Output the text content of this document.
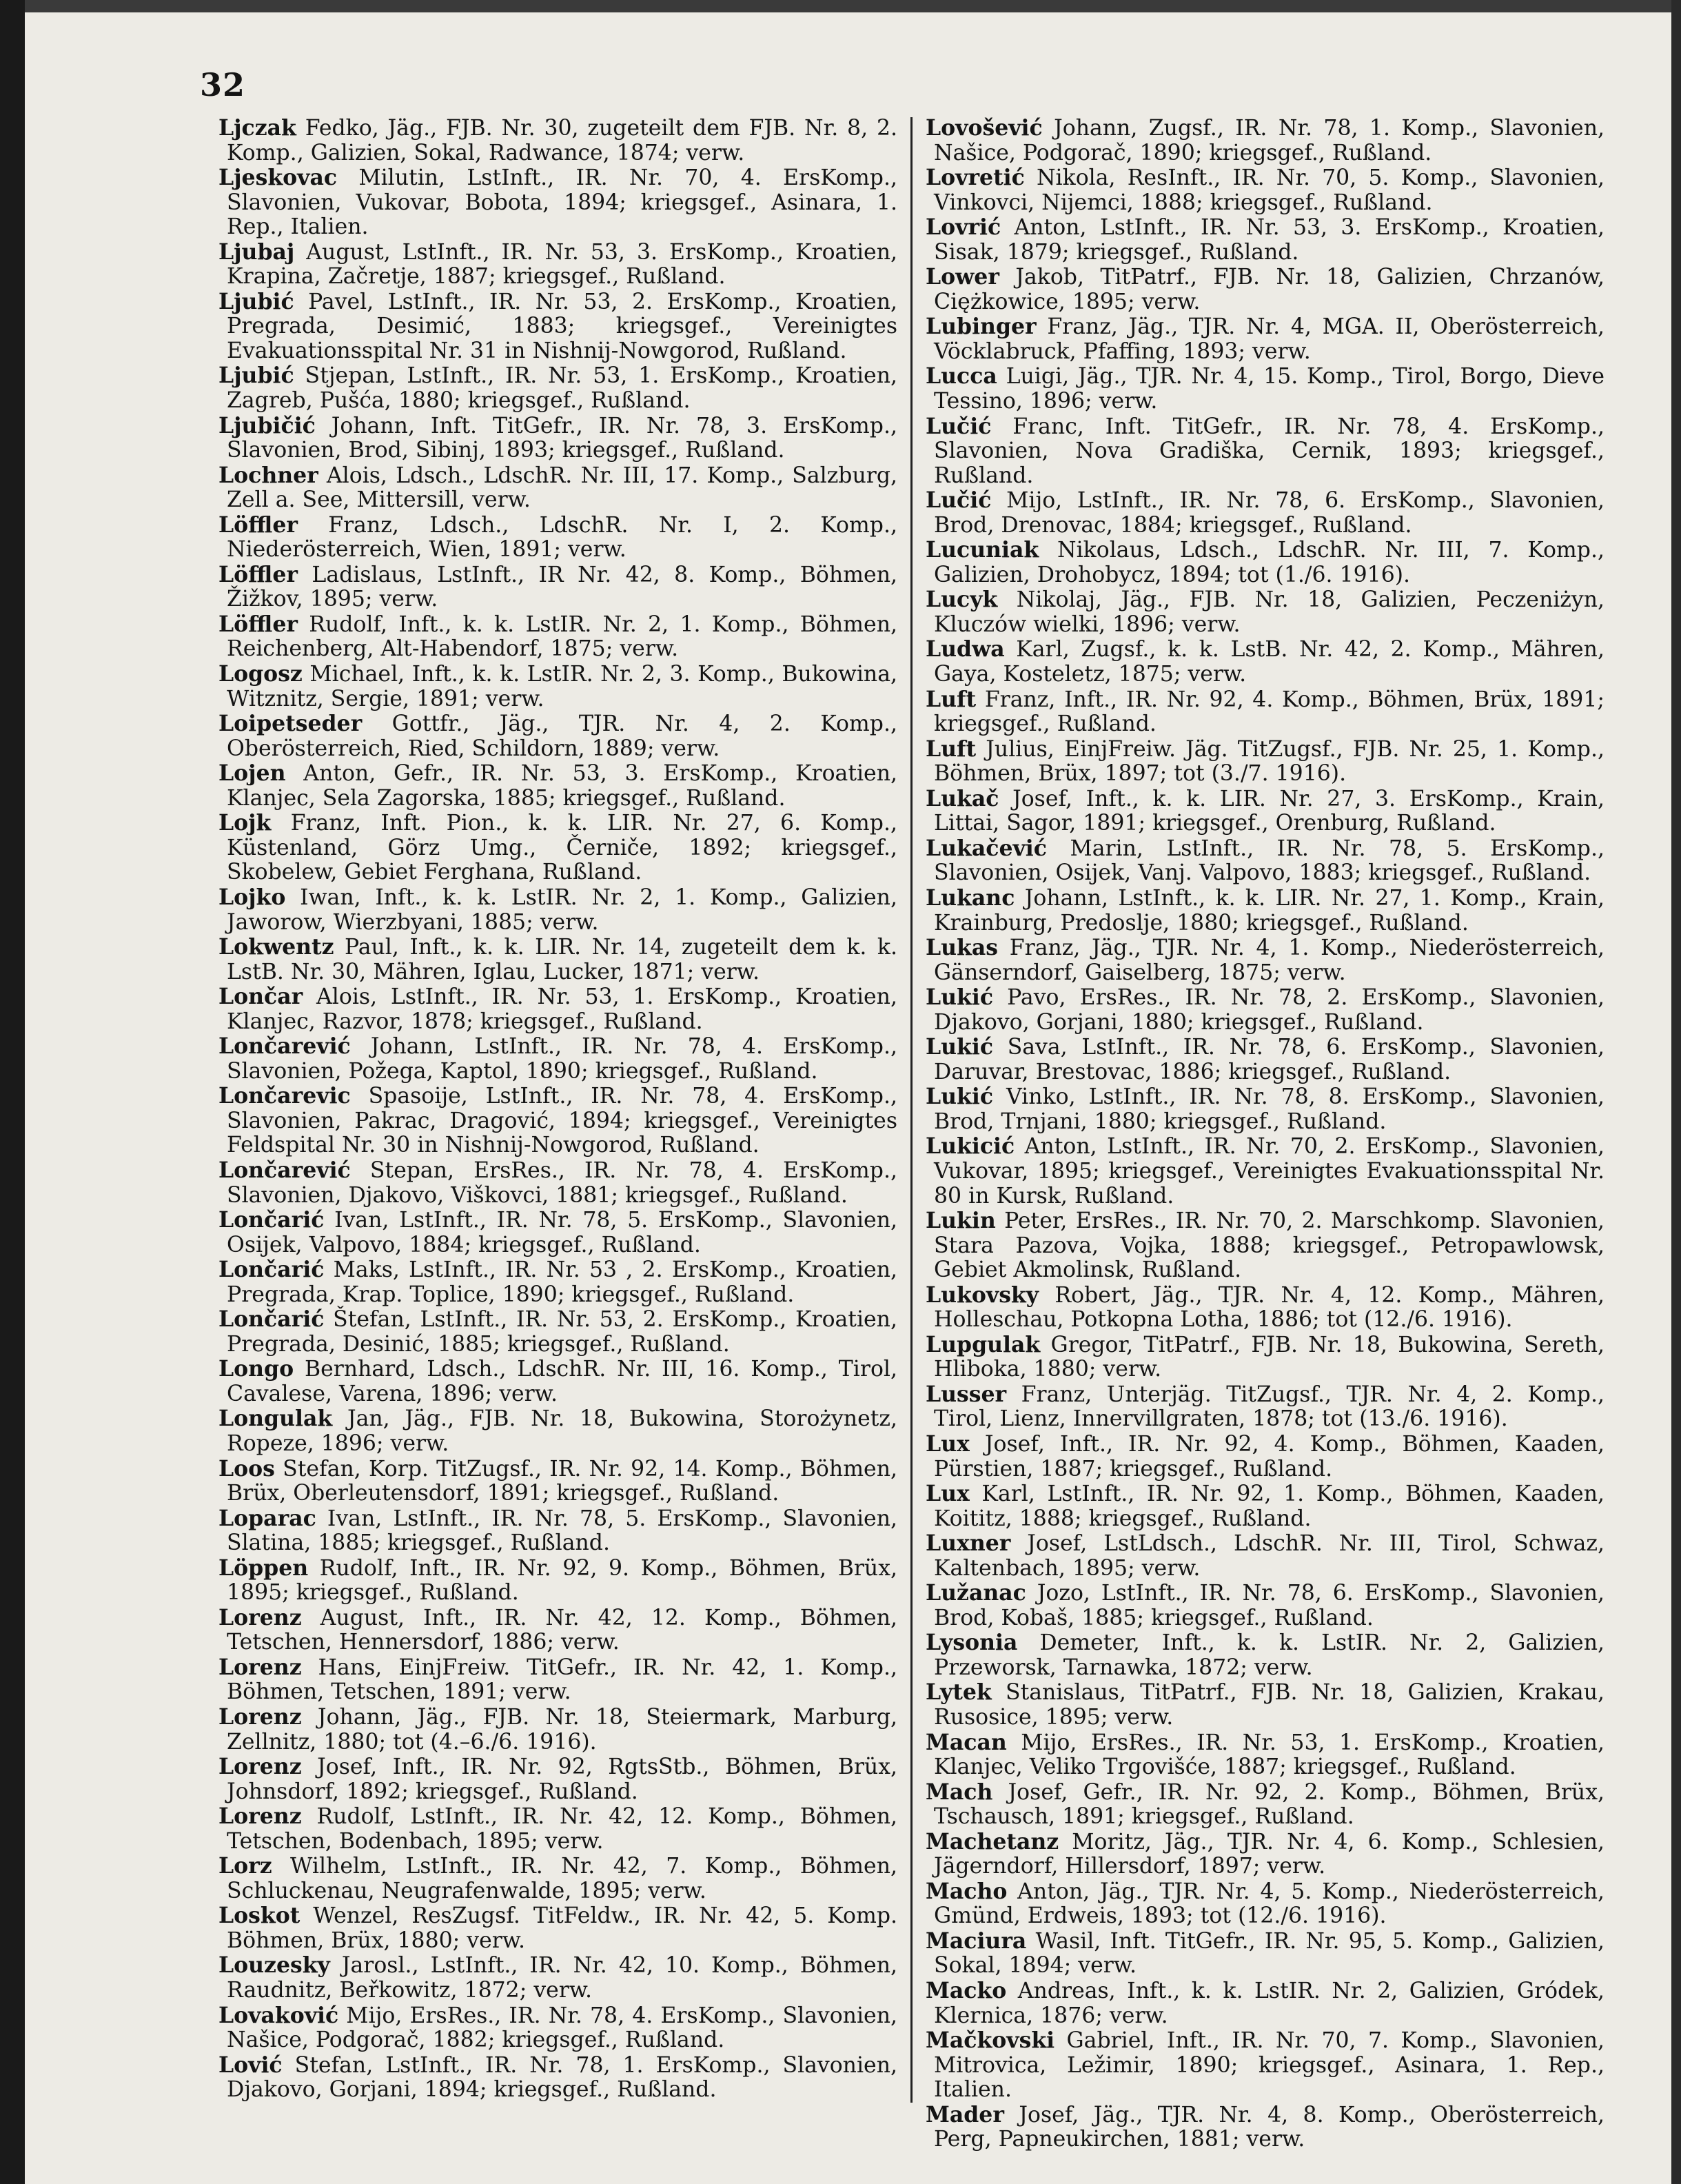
32

Ljczak Fedko, Jäg., FJB. Nr. 30, zugeteilt dem FJB. Nr. 8, 2. Komp., Galizien, Sokal, Radwance, 1874; verw.

Ljeskovac Milutin, LstInft., IR. Nr. 70, 4. ErsKomp., Slavonien, Vukovar, Bobota, 1894; kriegsgef., Asinara, 1. Rep., Italien.

Ljubaj August, LstInft., IR. Nr. 53, 3. ErsKomp., Kroatien, Krapina, Začretje, 1887; kriegsgef., Rußland.

Ljubić Pavel, LstInft., IR. Nr. 53, 2. ErsKomp., Kroatien, Pregrada, Desimić, 1883; kriegsgef., Vereinigtes Evakuationsspital Nr. 31 in Nishnij-Nowgorod, Rußland.

Ljubić Stjepan, LstInft., IR. Nr. 53, 1. ErsKomp., Kroatien, Zagreb, Pušća, 1880; kriegsgef., Rußland.

Ljubičić Johann, Inft. TitGefr., IR. Nr. 78, 3. ErsKomp., Slavonien, Brod, Sibinj, 1893; kriegsgef., Rußland.

Lochner Alois, Ldsch., LdschR. Nr. III, 17. Komp., Salzburg, Zell a. See, Mittersill, verw.

Löffler Franz, Ldsch., LdschR. Nr. I, 2. Komp., Niederösterreich, Wien, 1891; verw.

Löffler Ladislaus, LstInft., IR Nr. 42, 8. Komp., Böhmen, Žižkov, 1895; verw.

Löffler Rudolf, Inft., k. k. LstIR. Nr. 2, 1. Komp., Böhmen, Reichenberg, Alt-Habendorf, 1875; verw.

Logosz Michael, Inft., k. k. LstIR. Nr. 2, 3. Komp., Bukowina, Witznitz, Sergie, 1891; verw.

Loipetseder Gottfr., Jäg., TJR. Nr. 4, 2. Komp., Oberösterreich, Ried, Schildorn, 1889; verw.

Lojen Anton, Gefr., IR. Nr. 53, 3. ErsKomp., Kroatien, Klanjec, Sela Zagorska, 1885; kriegsgef., Rußland.

Lojk Franz, Inft. Pion., k. k. LIR. Nr. 27, 6. Komp., Küstenland, Görz Umg., Černiče, 1892; kriegsgef., Skobelew, Gebiet Ferghana, Rußland.

Lojko Iwan, Inft., k. k. LstIR. Nr. 2, 1. Komp., Galizien, Jaworow, Wierzbyani, 1885; verw.

Lokwentz Paul, Inft., k. k. LIR. Nr. 14, zugeteilt dem k. k. LstB. Nr. 30, Mähren, Iglau, Lucker, 1871; verw.

Lončar Alois, LstInft., IR. Nr. 53, 1. ErsKomp., Kroatien, Klanjec, Razvor, 1878; kriegsgef., Rußland.

Lončarević Johann, LstInft., IR. Nr. 78, 4. ErsKomp., Slavonien, Požega, Kaptol, 1890; kriegsgef., Rußland.

Lončarevic Spasoije, LstInft., IR. Nr. 78, 4. ErsKomp., Slavonien, Pakrac, Dragović, 1894; kriegsgef., Vereinigtes Feldspital Nr. 30 in Nishnij-Nowgorod, Rußland.

Lončarević Stepan, ErsRes., IR. Nr. 78, 4. ErsKomp., Slavonien, Djakovo, Viškovci, 1881; kriegsgef., Rußland.

Lončarić Ivan, LstInft., IR. Nr. 78, 5. ErsKomp., Slavonien, Osijek, Valpovo, 1884; kriegsgef., Rußland.

Lončarić Maks, LstInft., IR. Nr. 53 , 2. ErsKomp., Kroatien, Pregrada, Krap. Toplice, 1890; kriegsgef., Rußland.

Lončarić Štefan, LstInft., IR. Nr. 53, 2. ErsKomp., Kroatien, Pregrada, Desinić, 1885; kriegsgef., Rußland.

Longo Bernhard, Ldsch., LdschR. Nr. III, 16. Komp., Tirol, Cavalese, Varena, 1896; verw.

Longulak Jan, Jäg., FJB. Nr. 18, Bukowina, Storożynetz, Ropeze, 1896; verw.

Loos Stefan, Korp. TitZugsf., IR. Nr. 92, 14. Komp., Böhmen, Brüx, Oberleutensdorf, 1891; kriegsgef., Rußland.

Loparac Ivan, LstInft., IR. Nr. 78, 5. ErsKomp., Slavonien, Slatina, 1885; kriegsgef., Rußland.

Löppen Rudolf, Inft., IR. Nr. 92, 9. Komp., Böhmen, Brüx, 1895; kriegsgef., Rußland.

Lorenz August, Inft., IR. Nr. 42, 12. Komp., Böhmen, Tetschen, Hennersdorf, 1886; verw.

Lorenz Hans, EinjFreiw. TitGefr., IR. Nr. 42, 1. Komp., Böhmen, Tetschen, 1891; verw.

Lorenz Johann, Jäg., FJB. Nr. 18, Steiermark, Marburg, Zellnitz, 1880; tot (4.–6./6. 1916).

Lorenz Josef, Inft., IR. Nr. 92, RgtsStb., Böhmen, Brüx, Johnsdorf, 1892; kriegsgef., Rußland.

Lorenz Rudolf, LstInft., IR. Nr. 42, 12. Komp., Böhmen, Tetschen, Bodenbach, 1895; verw.

Lorz Wilhelm, LstInft., IR. Nr. 42, 7. Komp., Böhmen, Schluckenau, Neugrafenwalde, 1895; verw.

Loskot Wenzel, ResZugsf. TitFeldw., IR. Nr. 42, 5. Komp. Böhmen, Brüx, 1880; verw.

Louzesky Jarosl., LstInft., IR. Nr. 42, 10. Komp., Böhmen, Raudnitz, Beřkowitz, 1872; verw.

Lovaković Mijo, ErsRes., IR. Nr. 78, 4. ErsKomp., Slavonien, Našice, Podgorač, 1882; kriegsgef., Rußland.

Lović Stefan, LstInft., IR. Nr. 78, 1. ErsKomp., Slavonien, Djakovo, Gorjani, 1894; kriegsgef., Rußland.

Lovošević Johann, Zugsf., IR. Nr. 78, 1. Komp., Slavonien, Našice, Podgorač, 1890; kriegsgef., Rußland.

Lovretić Nikola, ResInft., IR. Nr. 70, 5. Komp., Slavonien, Vinkovci, Nijemci, 1888; kriegsgef., Rußland.

Lovrić Anton, LstInft., IR. Nr. 53, 3. ErsKomp., Kroatien, Sisak, 1879; kriegsgef., Rußland.

Lower Jakob, TitPatrf., FJB. Nr. 18, Galizien, Chrzanów, Ciężkowice, 1895; verw.

Lubinger Franz, Jäg., TJR. Nr. 4, MGA. II, Oberösterreich, Vöcklabruck, Pfaffing, 1893; verw.

Lucca Luigi, Jäg., TJR. Nr. 4, 15. Komp., Tirol, Borgo, Dieve Tessino, 1896; verw.

Lučić Franc, Inft. TitGefr., IR. Nr. 78, 4. ErsKomp., Slavonien, Nova Gradiška, Cernik, 1893; kriegsgef., Rußland.

Lučić Mijo, LstInft., IR. Nr. 78, 6. ErsKomp., Slavonien, Brod, Drenovac, 1884; kriegsgef., Rußland.

Lucuniak Nikolaus, Ldsch., LdschR. Nr. III, 7. Komp., Galizien, Drohobycz, 1894; tot (1./6. 1916).

Lucyk Nikolaj, Jäg., FJB. Nr. 18, Galizien, Peczeniżyn, Kluczów wielki, 1896; verw.

Ludwa Karl, Zugsf., k. k. LstB. Nr. 42, 2. Komp., Mähren, Gaya, Kosteletz, 1875; verw.

Luft Franz, Inft., IR. Nr. 92, 4. Komp., Böhmen, Brüx, 1891; kriegsgef., Rußland.

Luft Julius, EinjFreiw. Jäg. TitZugsf., FJB. Nr. 25, 1. Komp., Böhmen, Brüx, 1897; tot (3./7. 1916).

Lukač Josef, Inft., k. k. LIR. Nr. 27, 3. ErsKomp., Krain, Littai, Sagor, 1891; kriegsgef., Orenburg, Rußland.

Lukačević Marin, LstInft., IR. Nr. 78, 5. ErsKomp., Slavonien, Osijek, Vanj. Valpovo, 1883; kriegsgef., Rußland.

Lukanc Johann, LstInft., k. k. LIR. Nr. 27, 1. Komp., Krain, Krainburg, Predoslje, 1880; kriegsgef., Rußland.

Lukas Franz, Jäg., TJR. Nr. 4, 1. Komp., Niederösterreich, Gänserndorf, Gaiselberg, 1875; verw.

Lukić Pavo, ErsRes., IR. Nr. 78, 2. ErsKomp., Slavonien, Djakovo, Gorjani, 1880; kriegsgef., Rußland.

Lukić Sava, LstInft., IR. Nr. 78, 6. ErsKomp., Slavonien, Daruvar, Brestovac, 1886; kriegsgef., Rußland.

Lukić Vinko, LstInft., IR. Nr. 78, 8. ErsKomp., Slavonien, Brod, Trnjani, 1880; kriegsgef., Rußland.

Lukicić Anton, LstInft., IR. Nr. 70, 2. ErsKomp., Slavonien, Vukovar, 1895; kriegsgef., Vereinigtes Evakuationsspital Nr. 80 in Kursk, Rußland.

Lukin Peter, ErsRes., IR. Nr. 70, 2. Marschkomp. Slavonien, Stara Pazova, Vojka, 1888; kriegsgef., Petropawlowsk, Gebiet Akmolinsk, Rußland.

Lukovsky Robert, Jäg., TJR. Nr. 4, 12. Komp., Mähren, Holleschau, Potkopna Lotha, 1886; tot (12./6. 1916).

Lupgulak Gregor, TitPatrf., FJB. Nr. 18, Bukowina, Sereth, Hliboka, 1880; verw.

Lusser Franz, Unterjäg. TitZugsf., TJR. Nr. 4, 2. Komp., Tirol, Lienz, Innervillgraten, 1878; tot (13./6. 1916).

Lux Josef, Inft., IR. Nr. 92, 4. Komp., Böhmen, Kaaden, Pürstien, 1887; kriegsgef., Rußland.

Lux Karl, LstInft., IR. Nr. 92, 1. Komp., Böhmen, Kaaden, Koititz, 1888; kriegsgef., Rußland.

Luxner Josef, LstLdsch., LdschR. Nr. III, Tirol, Schwaz, Kaltenbach, 1895; verw.

Lužanac Jozo, LstInft., IR. Nr. 78, 6. ErsKomp., Slavonien, Brod, Kobaš, 1885; kriegsgef., Rußland.

Lysonia Demeter, Inft., k. k. LstIR. Nr. 2, Galizien, Przeworsk, Tarnawka, 1872; verw.

Lytek Stanislaus, TitPatrf., FJB. Nr. 18, Galizien, Krakau, Rusosice, 1895; verw.

Macan Mijo, ErsRes., IR. Nr. 53, 1. ErsKomp., Kroatien, Klanjec, Veliko Trgovišće, 1887; kriegsgef., Rußland.

Mach Josef, Gefr., IR. Nr. 92, 2. Komp., Böhmen, Brüx, Tschausch, 1891; kriegsgef., Rußland.

Machetanz Moritz, Jäg., TJR. Nr. 4, 6. Komp., Schlesien, Jägerndorf, Hillersdorf, 1897; verw.

Macho Anton, Jäg., TJR. Nr. 4, 5. Komp., Niederösterreich, Gmünd, Erdweis, 1893; tot (12./6. 1916).

Maciura Wasil, Inft. TitGefr., IR. Nr. 95, 5. Komp., Galizien, Sokal, 1894; verw.

Macko Andreas, Inft., k. k. LstIR. Nr. 2, Galizien, Gródek, Klernica, 1876; verw.

Mačkovski Gabriel, Inft., IR. Nr. 70, 7. Komp., Slavonien, Mitrovica, Ležimir, 1890; kriegsgef., Asinara, 1. Rep., Italien.

Mader Josef, Jäg., TJR. Nr. 4, 8. Komp., Oberösterreich, Perg, Papneukirchen, 1881; verw.
